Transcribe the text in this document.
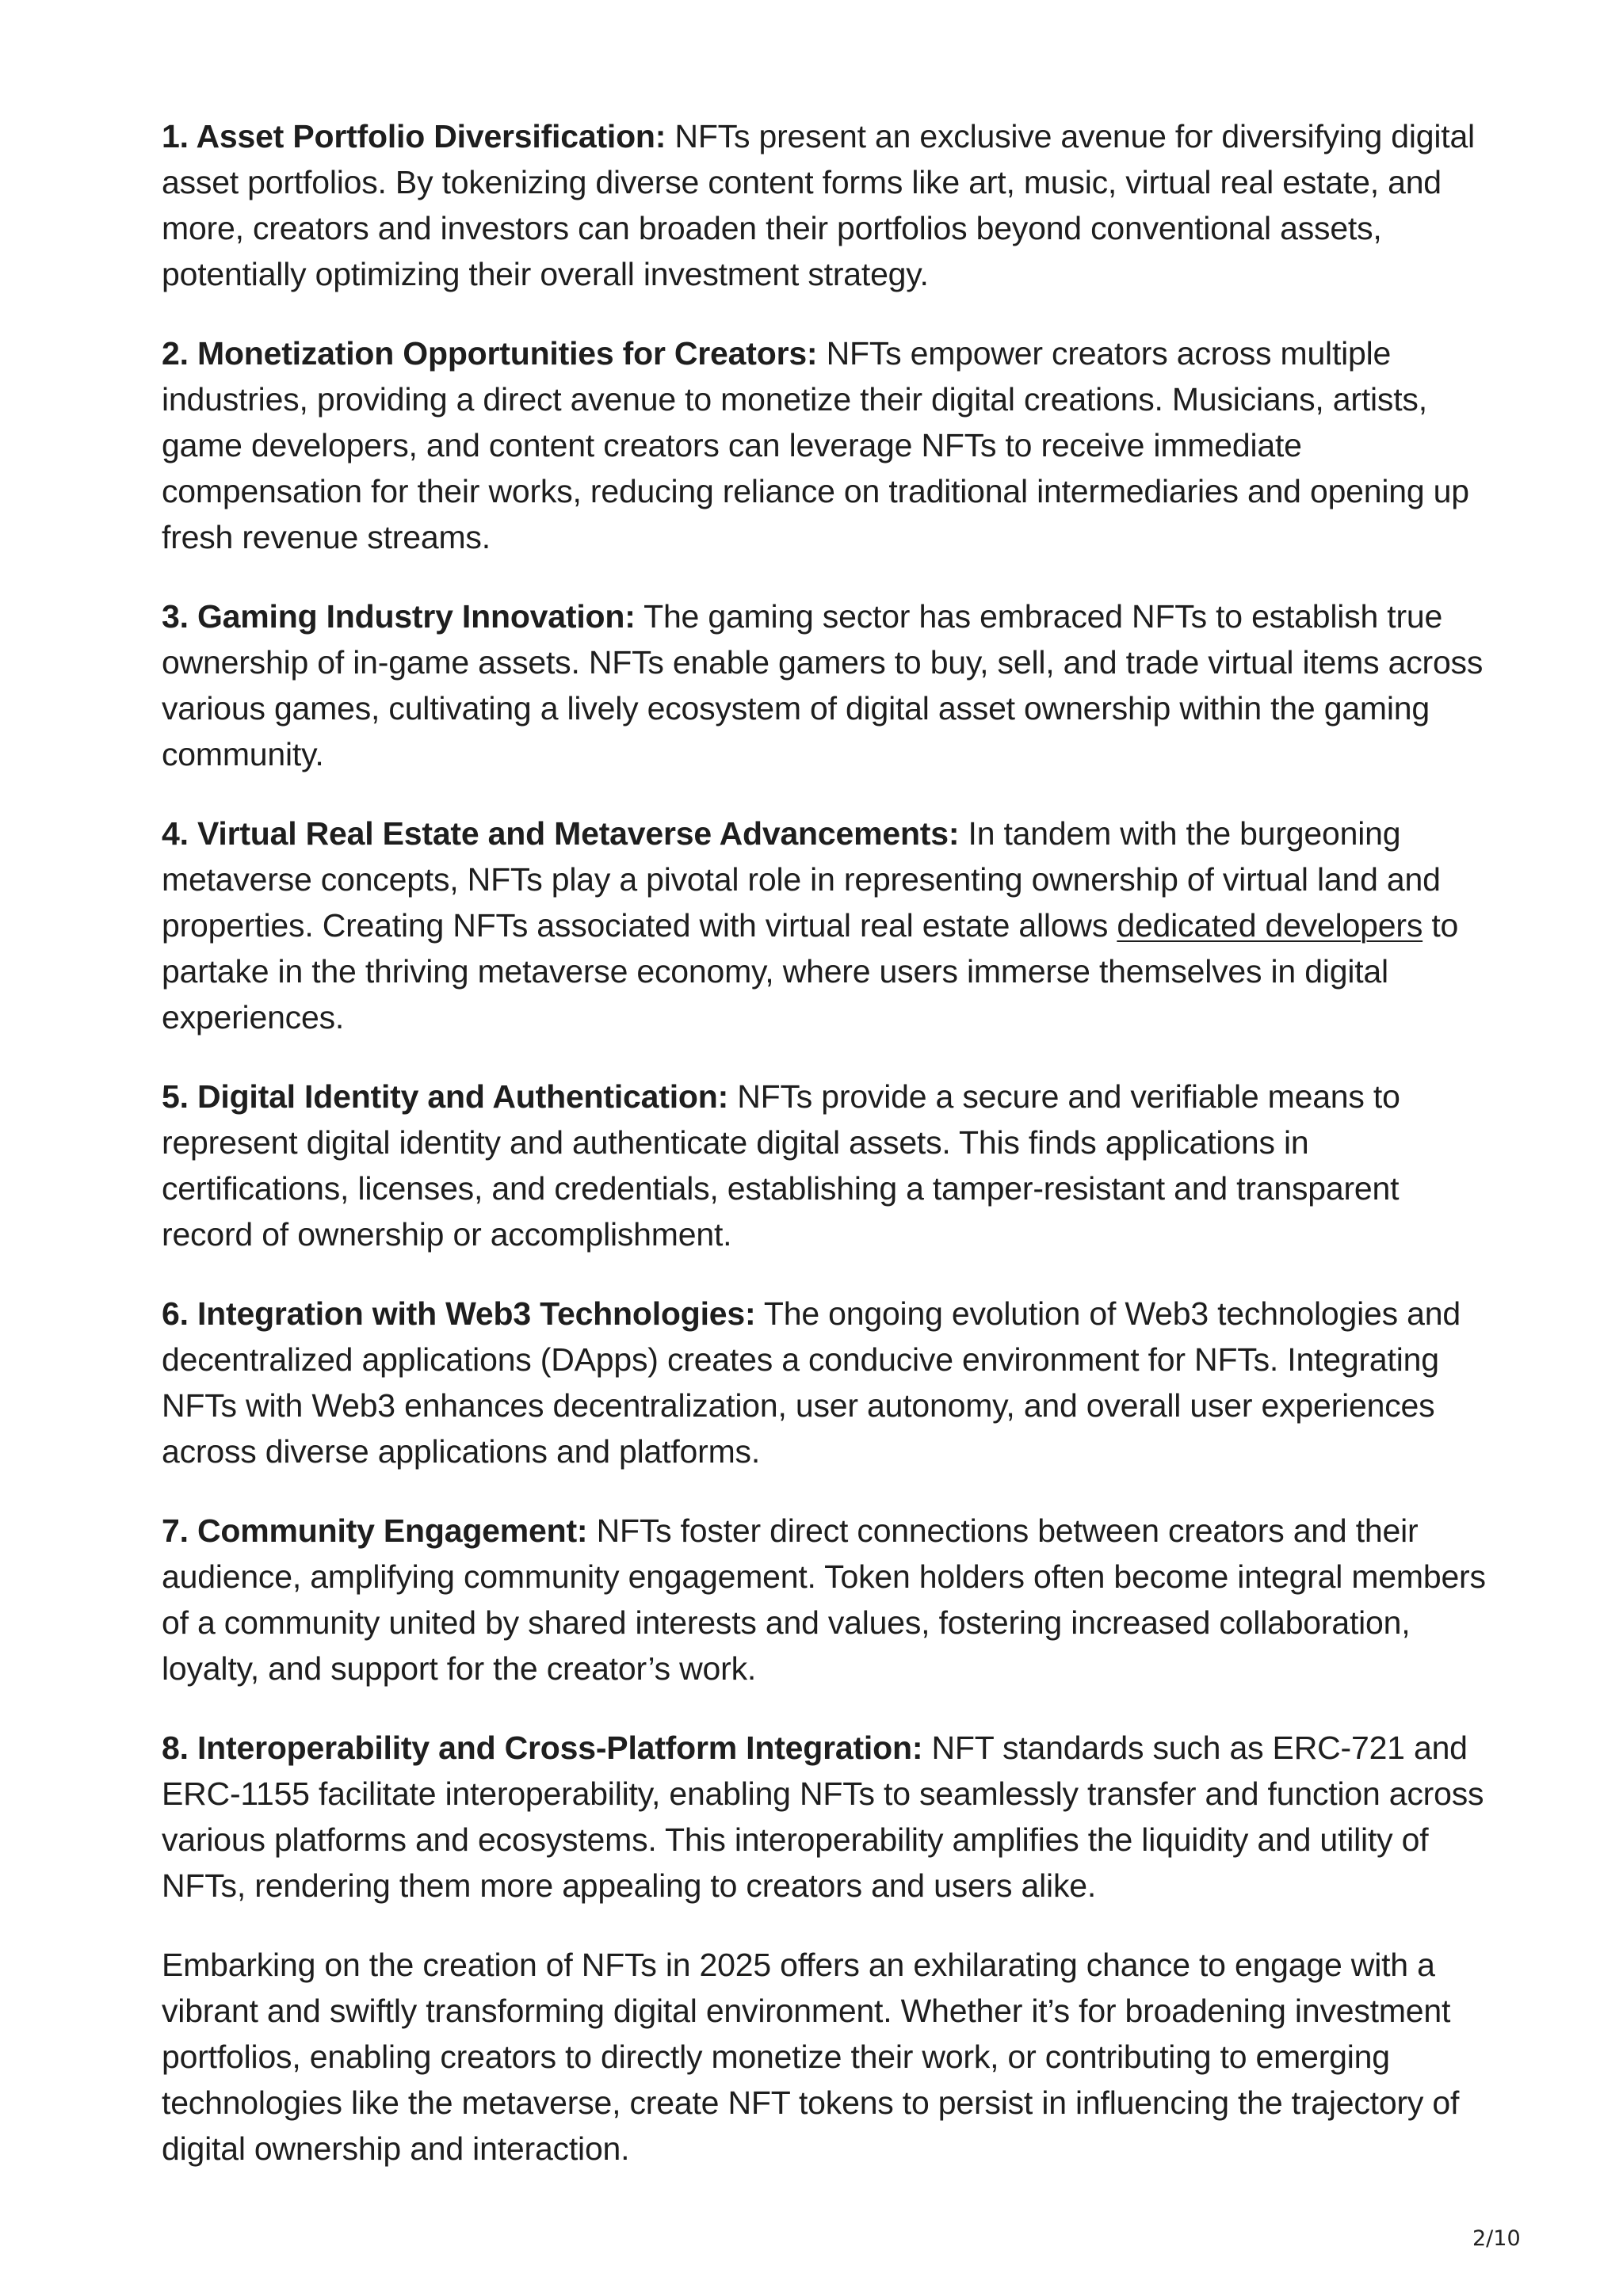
1. Asset Portfolio Diversification: NFTs present an exclusive avenue for diversifying digital asset portfolios. By tokenizing diverse content forms like art, music, virtual real estate, and more, creators and investors can broaden their portfolios beyond conventional assets, potentially optimizing their overall investment strategy.

2. Monetization Opportunities for Creators: NFTs empower creators across multiple industries, providing a direct avenue to monetize their digital creations. Musicians, artists, game developers, and content creators can leverage NFTs to receive immediate compensation for their works, reducing reliance on traditional intermediaries and opening up fresh revenue streams.

3. Gaming Industry Innovation: The gaming sector has embraced NFTs to establish true ownership of in-game assets. NFTs enable gamers to buy, sell, and trade virtual items across various games, cultivating a lively ecosystem of digital asset ownership within the gaming community.

4. Virtual Real Estate and Metaverse Advancements: In tandem with the burgeoning metaverse concepts, NFTs play a pivotal role in representing ownership of virtual land and properties. Creating NFTs associated with virtual real estate allows dedicated developers to partake in the thriving metaverse economy, where users immerse themselves in digital experiences.

5. Digital Identity and Authentication: NFTs provide a secure and verifiable means to represent digital identity and authenticate digital assets. This finds applications in certifications, licenses, and credentials, establishing a tamper-resistant and transparent record of ownership or accomplishment.

6. Integration with Web3 Technologies: The ongoing evolution of Web3 technologies and decentralized applications (DApps) creates a conducive environment for NFTs. Integrating NFTs with Web3 enhances decentralization, user autonomy, and overall user experiences across diverse applications and platforms.

7. Community Engagement: NFTs foster direct connections between creators and their audience, amplifying community engagement. Token holders often become integral members of a community united by shared interests and values, fostering increased collaboration, loyalty, and support for the creator’s work.

8. Interoperability and Cross-Platform Integration: NFT standards such as ERC-721 and ERC-1155 facilitate interoperability, enabling NFTs to seamlessly transfer and function across various platforms and ecosystems. This interoperability amplifies the liquidity and utility of NFTs, rendering them more appealing to creators and users alike.

Embarking on the creation of NFTs in 2025 offers an exhilarating chance to engage with a vibrant and swiftly transforming digital environment. Whether it’s for broadening investment portfolios, enabling creators to directly monetize their work, or contributing to emerging technologies like the metaverse, create NFT tokens to persist in influencing the trajectory of digital ownership and interaction.

2/10
